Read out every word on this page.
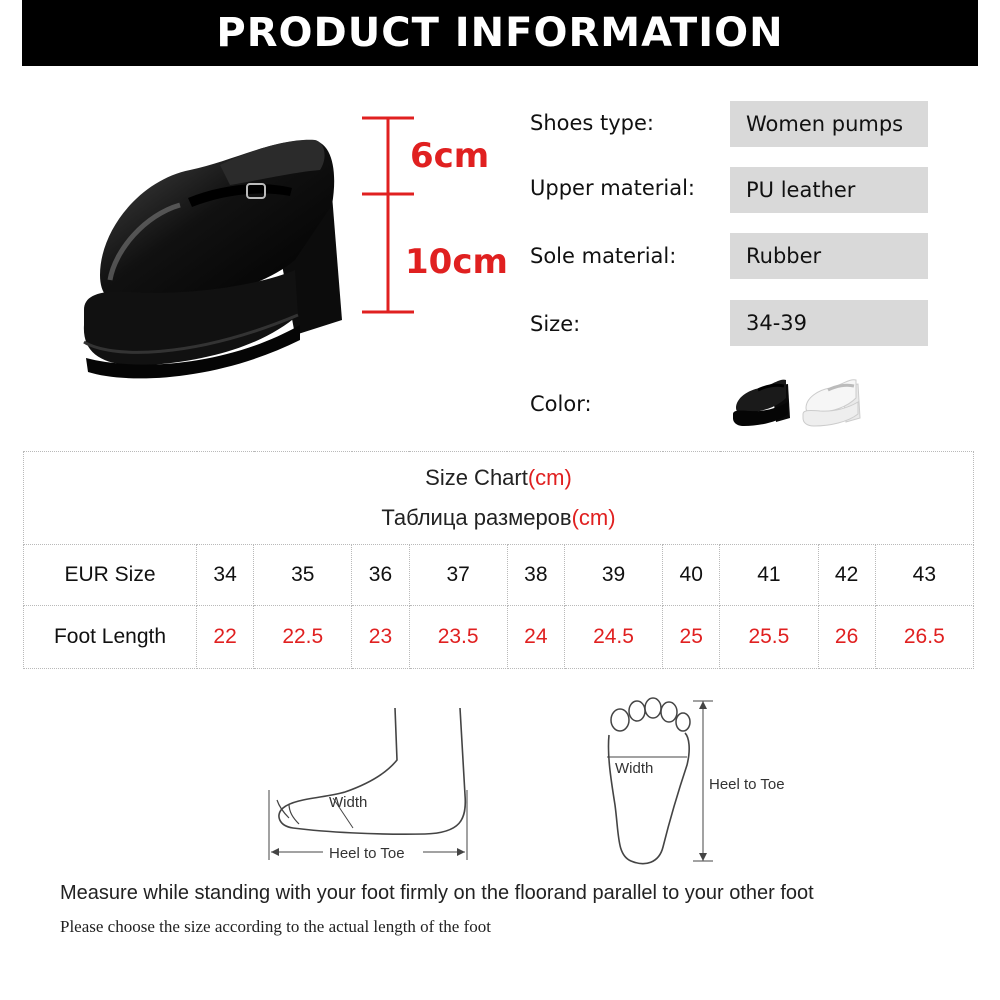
PRODUCT INFORMATION
6cm
10cm
Shoes type:	Women pumps
Upper material:	PU leather
Sole material:	Rubber
Size:	34-39
Color:
Size Chart(cm)
Таблица размеров(cm)										

EUR Size	34	35	36	37	38	39	40	41	42	43
Foot Length	22	22.5	23	23.5	24	24.5	25	25.5	26	26.5
Width
Heel to Toe
Width
Heel to Toe
Measure while standing with your foot firmly on the floorand parallel to your other foot
Please choose the size according to the actual length of the foot
